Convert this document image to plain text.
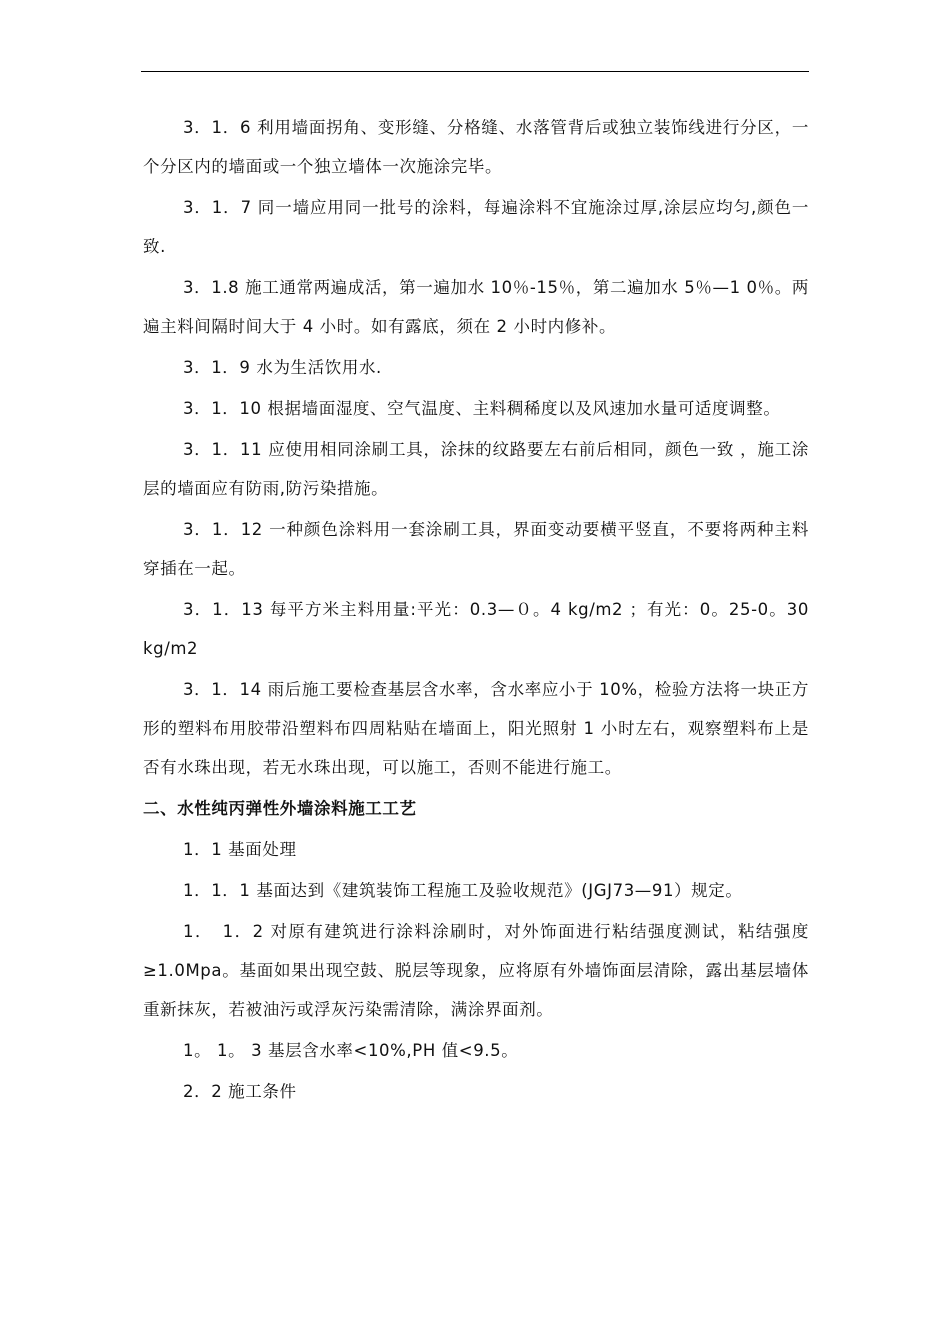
3．1．6 利用墙面拐角、变形缝、分格缝、水落管背后或独立装饰线进行分区，一个分区内的墙面或一个独立墙体一次施涂完毕。

3．1．7 同一墙应用同一批号的涂料，每遍涂料不宜施涂过厚,涂层应均匀,颜色一致.

3．1.8 施工通常两遍成活，第一遍加水 10％-15％，第二遍加水 5％—1 0％。两遍主料间隔时间大于 4 小时。如有露底，须在 2 小时内修补。

3．1．9 水为生活饮用水.

3．1．10 根据墙面湿度、空气温度、主料稠稀度以及风速加水量可适度调整。

3．1．11 应使用相同涂刷工具，涂抹的纹路要左右前后相同，颜色一致 ，施工涂层的墙面应有防雨,防污染措施。

3．1．12 一种颜色涂料用一套涂刷工具，界面变动要横平竖直，不要将两种主料穿插在一起。

3．1．13 每平方米主料用量:平光：0.3—０。4 kg/m2 ；有光：0。25-0。30 kg/m2

3．1．14 雨后施工要检查基层含水率，含水率应小于 10%，检验方法将一块正方形的塑料布用胶带沿塑料布四周粘贴在墙面上，阳光照射 1 小时左右，观察塑料布上是否有水珠出现，若无水珠出现，可以施工，否则不能进行施工。

二、水性纯丙弹性外墙涂料施工工艺

1．1 基面处理

1．1．1 基面达到《建筑装饰工程施工及验收规范》(JGJ73—91）规定。

1．　1．2 对原有建筑进行涂料涂刷时，对外饰面进行粘结强度测试，粘结强度≥1.0Mpa。基面如果出现空鼓、脱层等现象，应将原有外墙饰面层清除，露出基层墙体重新抹灰，若被油污或浮灰污染需清除，满涂界面剂。

1。 1。 3 基层含水率<10%,PH 值<9.5。

2．2 施工条件
